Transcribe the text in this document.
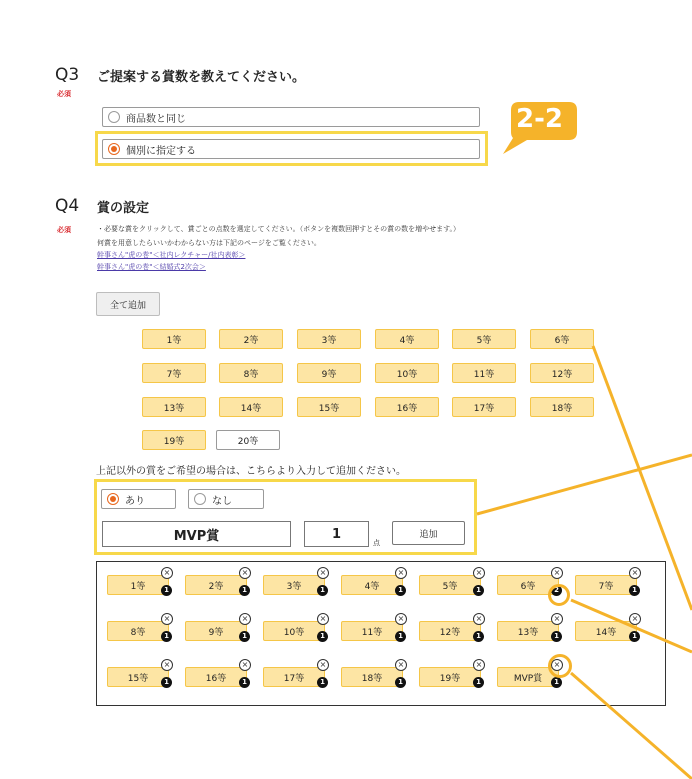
Q3 ご提案する賞数を教えてください。
必須
商品数と同じ
個別に指定する
2-2
Q4 賞の設定
必須	・必要な賞をクリックして、賞ごとの点数を選定してください。（ボタンを複数回押すとその賞の数を増やせます。）
何賞を用意したらいいかわからない方は下記のページをご覧ください。
幹事さん"虎の巻"＜社内レクチャー/社内表彰＞
幹事さん"虎の巻"＜結婚式2次会＞
全て追加
1等	2等	3等	4等	5等	6等
7等	8等	9等	10等	11等	12等
13等	14等	15等	16等	17等	18等
19等	20等
上記以外の賞をご希望の場合は、こちらより入力して追加ください。
あり	なし
MVP賞	1
点
追加
1等	2等	3等	4等	5等	6等	7等
8等	9等	10等	11等	12等	13等	14等
15等	16等	17等	18等	19等	MVP賞
×
1
×
1
×
1
×
1
×
1
×
2
×
1
×
1
×
1
×
1
×
1
×
1
×
1
×
1
×
1
×
1
×
1
×
1
×
1
×
1
